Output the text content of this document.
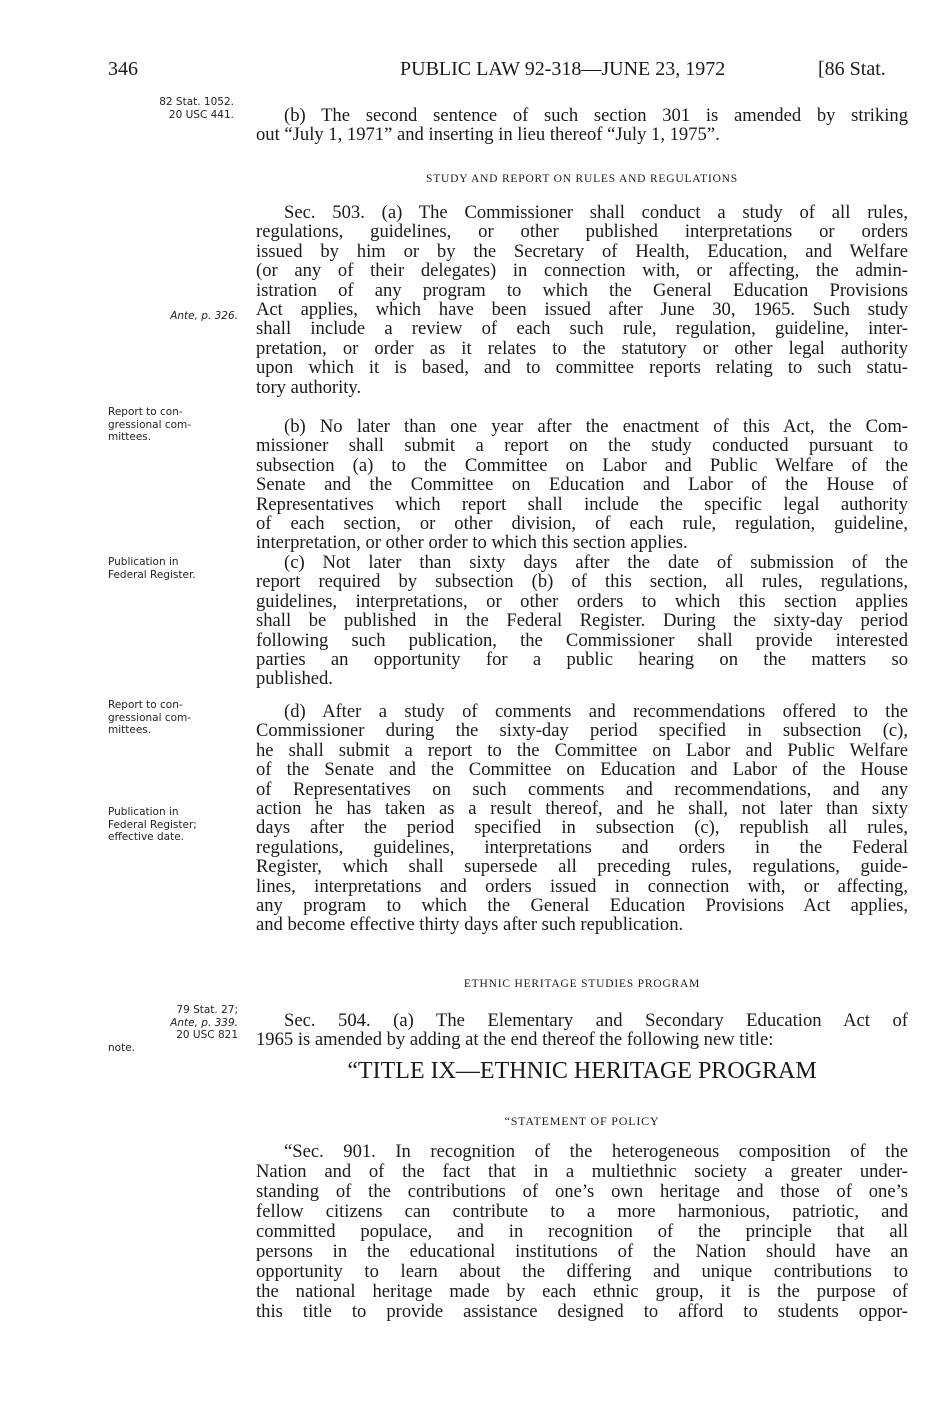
346	PUBLIC LAW 92-318—JUNE 23, 1972	[86 Stat.
82 Stat. 1052.
20 USC 441.
Ante, p. 326.
Report to con-
gressional com-
mittees.
Publication in
Federal Register.
Report to con-
gressional com-
mittees.
Publication in
Federal Register;
effective date.
79 Stat. 27;
Ante, p. 339.
20 USC 821
note.
(b) The second sentence of such section 301 is amended by striking
out “July 1, 1971” and inserting in lieu thereof “July 1, 1975”.
STUDY AND REPORT ON RULES AND REGULATIONS
Sec. 503. (a) The Commissioner shall conduct a study of all rules,
regulations, guidelines, or other published interpretations or orders
issued by him or by the Secretary of Health, Education, and Welfare
(or any of their delegates) in connection with, or affecting, the admin-
istration of any program to which the General Education Provisions
Act applies, which have been issued after June 30, 1965. Such study
shall include a review of each such rule, regulation, guideline, inter-
pretation, or order as it relates to the statutory or other legal authority
upon which it is based, and to committee reports relating to such statu-
tory authority.
(b) No later than one year after the enactment of this Act, the Com-
missioner shall submit a report on the study conducted pursuant to
subsection (a) to the Committee on Labor and Public Welfare of the
Senate and the Committee on Education and Labor of the House of
Representatives which report shall include the specific legal authority
of each section, or other division, of each rule, regulation, guideline,
interpretation, or other order to which this section applies.
(c) Not later than sixty days after the date of submission of the
report required by subsection (b) of this section, all rules, regulations,
guidelines, interpretations, or other orders to which this section applies
shall be published in the Federal Register. During the sixty-day period
following such publication, the Commissioner shall provide interested
parties an opportunity for a public hearing on the matters so
published.
(d) After a study of comments and recommendations offered to the
Commissioner during the sixty-day period specified in subsection (c),
he shall submit a report to the Committee on Labor and Public Welfare
of the Senate and the Committee on Education and Labor of the House
of Representatives on such comments and recommendations, and any
action he has taken as a result thereof, and he shall, not later than sixty
days after the period specified in subsection (c), republish all rules,
regulations, guidelines, interpretations and orders in the Federal
Register, which shall supersede all preceding rules, regulations, guide-
lines, interpretations and orders issued in connection with, or affecting,
any program to which the General Education Provisions Act applies,
and become effective thirty days after such republication.
ETHNIC HERITAGE STUDIES PROGRAM
Sec. 504. (a) The Elementary and Secondary Education Act of
1965 is amended by adding at the end thereof the following new title:
“TITLE IX—ETHNIC HERITAGE PROGRAM
“STATEMENT OF POLICY
“Sec. 901. In recognition of the heterogeneous composition of the
Nation and of the fact that in a multiethnic society a greater under-
standing of the contributions of one’s own heritage and those of one’s
fellow citizens can contribute to a more harmonious, patriotic, and
committed populace, and in recognition of the principle that all
persons in the educational institutions of the Nation should have an
opportunity to learn about the differing and unique contributions to
the national heritage made by each ethnic group, it is the purpose of
this title to provide assistance designed to afford to students oppor-
